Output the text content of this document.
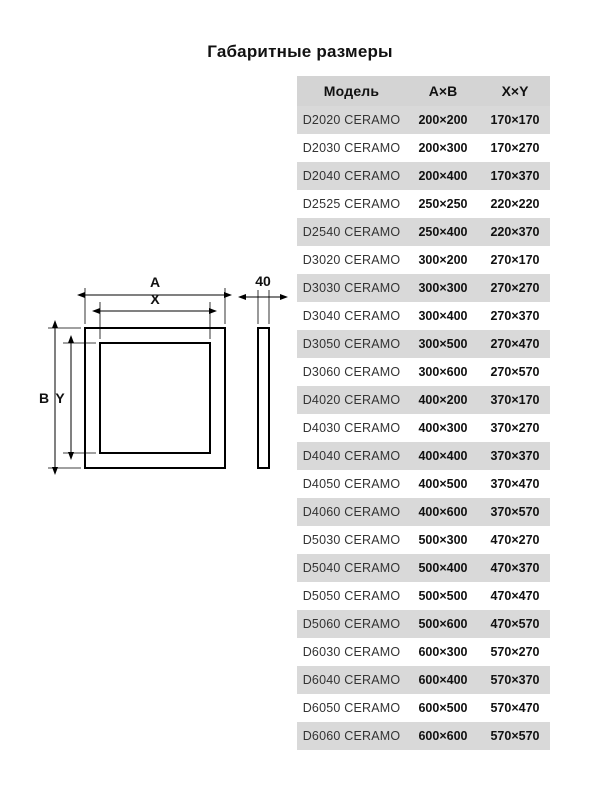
Габаритные размеры
A
X
B Y
40
Модель	A×B	X×Y
D2020 CERAMO	200×200	170×170
D2030 CERAMO	200×300	170×270
D2040 CERAMO	200×400	170×370
D2525 CERAMO	250×250	220×220
D2540 CERAMO	250×400	220×370
D3020 CERAMO	300×200	270×170
D3030 CERAMO	300×300	270×270
D3040 CERAMO	300×400	270×370
D3050 CERAMO	300×500	270×470
D3060 CERAMO	300×600	270×570
D4020 CERAMO	400×200	370×170
D4030 CERAMO	400×300	370×270
D4040 CERAMO	400×400	370×370
D4050 CERAMO	400×500	370×470
D4060 CERAMO	400×600	370×570
D5030 CERAMO	500×300	470×270
D5040 CERAMO	500×400	470×370
D5050 CERAMO	500×500	470×470
D5060 CERAMO	500×600	470×570
D6030 CERAMO	600×300	570×270
D6040 CERAMO	600×400	570×370
D6050 CERAMO	600×500	570×470
D6060 CERAMO	600×600	570×570
